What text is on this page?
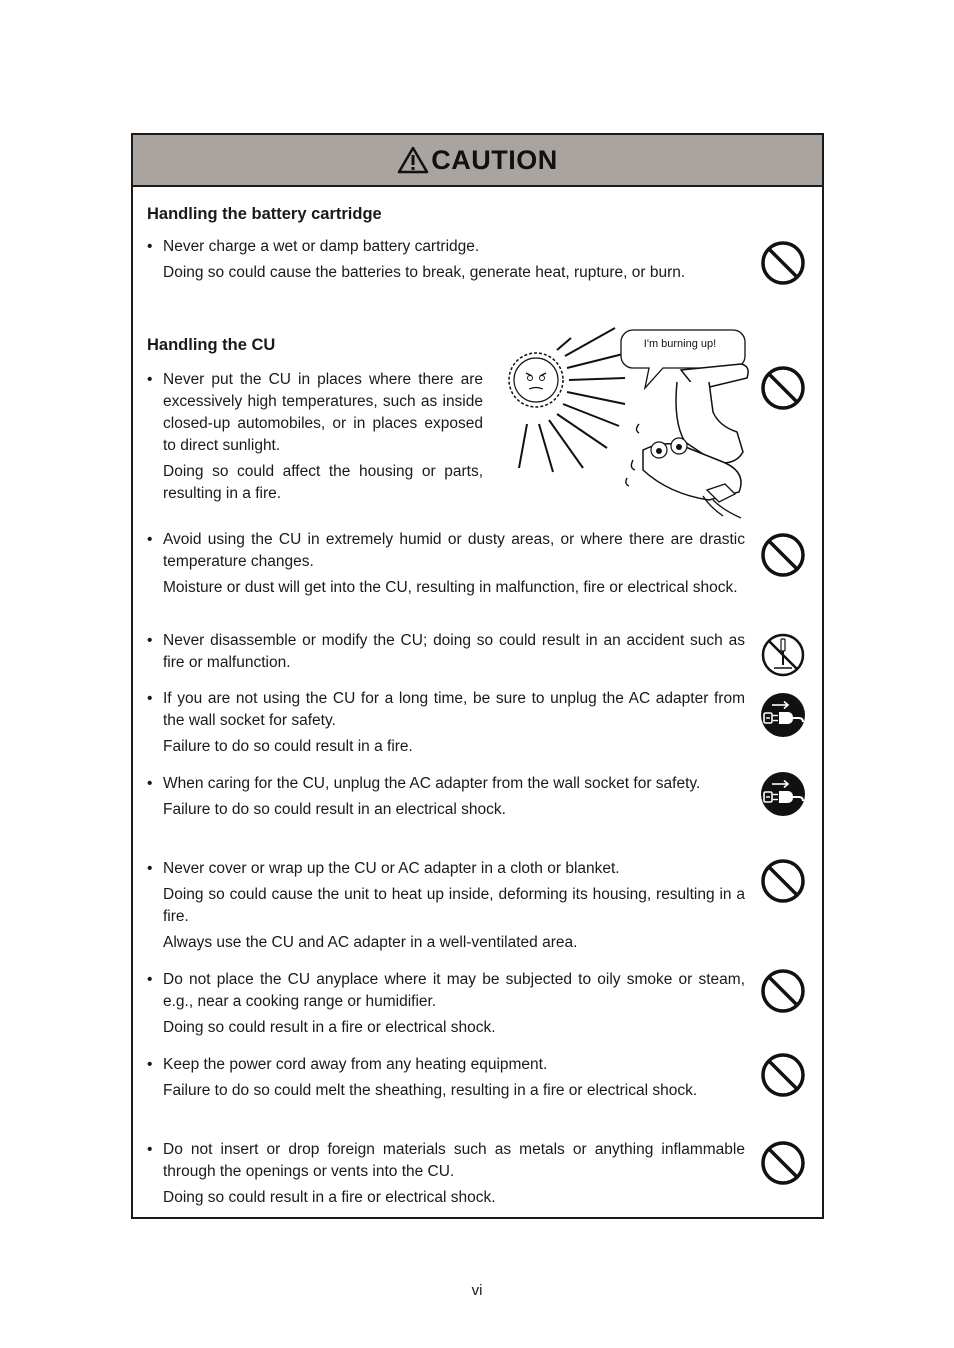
CAUTION
Handling the battery cartridge

• Never charge a wet or damp battery cartridge.

Doing so could cause the batteries to break, generate heat, rupture, or burn.

Handling the CU

• Never put the CU in places where there are excessively high temperatures, such as inside closed-up automobiles, or in places exposed to direct sunlight.

Doing so could affect the housing or parts, resulting in a fire.

I'm burning up!

• Avoid using the CU in extremely humid or dusty areas, or where there are drastic temperature changes.

Moisture or dust will get into the CU, resulting in malfunction, fire or electrical shock.

• Never disassemble or modify the CU; doing so could result in an accident such as fire or malfunction.

• If you are not using the CU for a long time, be sure to unplug the AC adapter from the wall socket for safety.

Failure to do so could result in a fire.

• When caring for the CU, unplug the AC adapter from the wall socket for safety.

Failure to do so could result in an electrical shock.

• Never cover or wrap up the CU or AC adapter in a cloth or blanket.

Doing so could cause the unit to heat up inside, deforming its housing, resulting in a fire.

Always use the CU and AC adapter in a well-ventilated area.

• Do not place the CU anyplace where it may be subjected to oily smoke or steam, e.g., near a cooking range or humidifier.

Doing so could result in a fire or electrical shock.

• Keep the power cord away from any heating equipment.

Failure to do so could melt the sheathing, resulting in a fire or electrical shock.

• Do not insert or drop foreign materials such as metals or anything inflammable through the openings or vents into the CU.

Doing so could result in a fire or electrical shock.

vi
